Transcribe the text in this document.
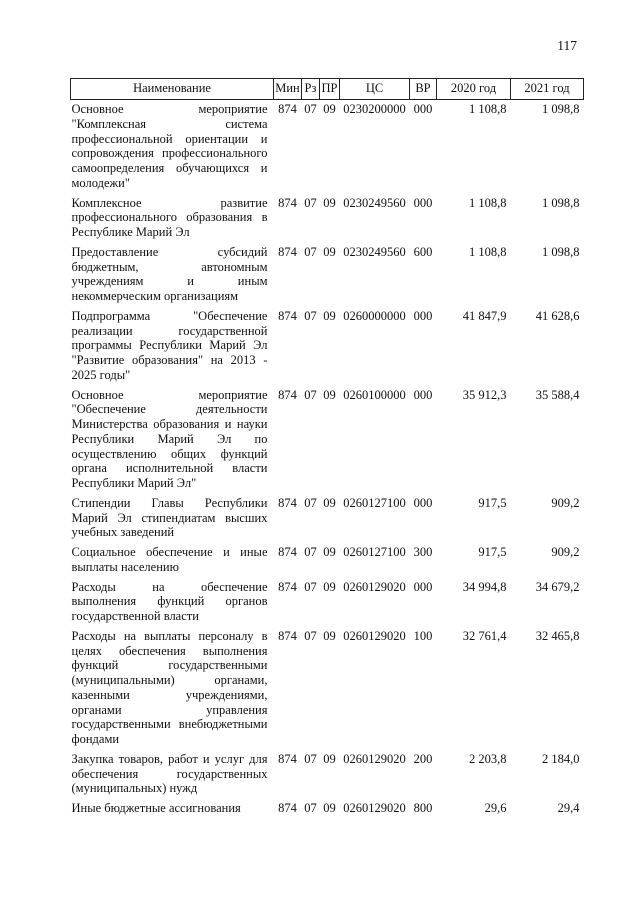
117
Наименование	Мин	Рз	ПР	ЦС	ВР	2020 год	2021 год
Основное мероприятие "Комплексная система профессиональной ориентации и сопровождения профессионального самоопределения обучающихся и молодежи"	874	07	09	0230200000	000	1 108,8	1 098,8
Комплексное развитие профессионального образования в Республике Марий Эл	874	07	09	0230249560	000	1 108,8	1 098,8
Предоставление субсидий бюджетным, автономным учреждениям и иным некоммерческим организациям	874	07	09	0230249560	600	1 108,8	1 098,8
Подпрограмма "Обеспечение реализации государственной программы Республики Марий Эл "Развитие образования" на 2013 - 2025 годы"	874	07	09	0260000000	000	41 847,9	41 628,6
Основное мероприятие "Обеспечение деятельности Министерства образования и науки Республики Марий Эл по осуществлению общих функций органа исполнительной власти Республики Марий Эл"	874	07	09	0260100000	000	35 912,3	35 588,4
Стипендии Главы Республики Марий Эл стипендиатам высших учебных заведений	874	07	09	0260127100	000	917,5	909,2
Социальное обеспечение и иные выплаты населению	874	07	09	0260127100	300	917,5	909,2
Расходы на обеспечение выполнения функций органов государственной власти	874	07	09	0260129020	000	34 994,8	34 679,2
Расходы на выплаты персоналу в целях обеспечения выполнения функций государственными (муниципальными) органами, казенными учреждениями, органами управления государственными внебюджетными фондами	874	07	09	0260129020	100	32 761,4	32 465,8
Закупка товаров, работ и услуг для обеспечения государственных (муниципальных) нужд	874	07	09	0260129020	200	2 203,8	2 184,0
Иные бюджетные ассигнования	874	07	09	0260129020	800	29,6	29,4
